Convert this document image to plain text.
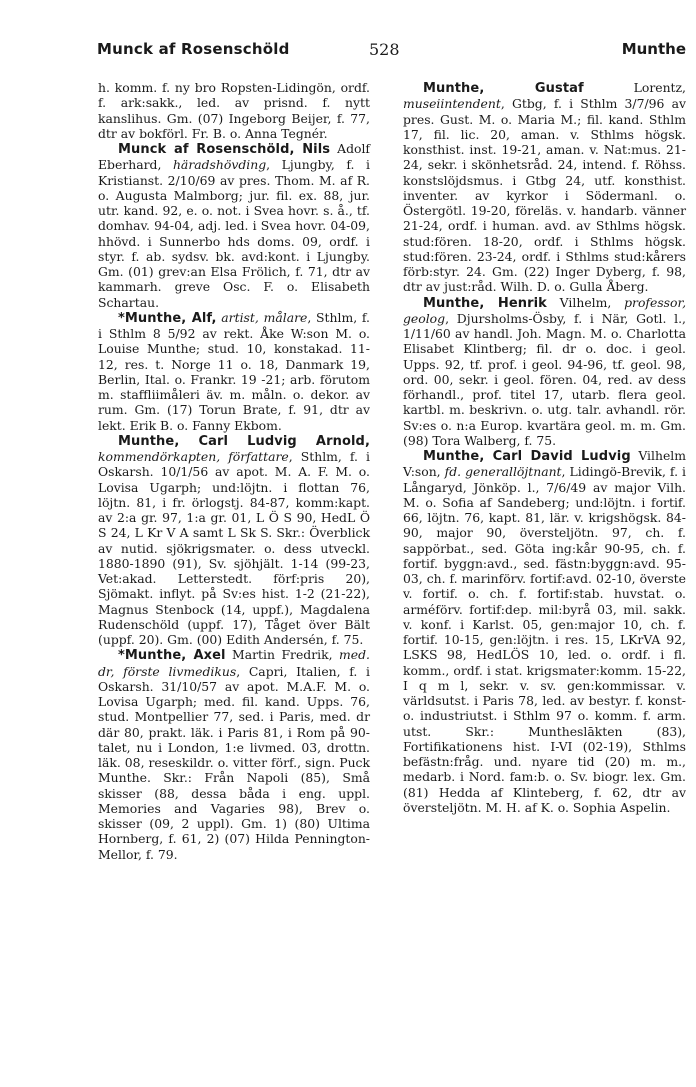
Munck af Rosenschöld	528	Munthe

h. komm. f. ny bro Ropsten-Lidingön, ordf. f. ark:sakk., led. av prisnd. f. nytt kanslihus. Gm. (07) Ingeborg Beijer, f. 77, dtr av bokförl. Fr. B. o. Anna Tegnér.

Munck af Rosenschöld, Nils Adolf Eberhard, häradshövding, Ljungby, f. i Kristianst. 2/10/69 av pres. Thom. M. af R. o. Augusta Malmborg; jur. fil. ex. 88, jur. utr. kand. 92, e. o. not. i Svea hovr. s. å., tf. domhav. 94-04, adj. led. i Svea hovr. 04-09, hhövd. i Sunnerbo hds doms. 09, ordf. i styr. f. ab. sydsv. bk. avd:kont. i Ljungby. Gm. (01) grev:an Elsa Frölich, f. 71, dtr av kammarh. greve Osc. F. o. Elisabeth Schartau.

*Munthe, Alf, artist, målare, Sthlm, f. i Sthlm 8 5/92 av rekt. Åke W:son M. o. Louise Munthe; stud. 10, konstakad. 11-12, res. t. Norge 11 o. 18, Danmark 19, Berlin, Ital. o. Frankr. 19 -21; arb. förutom m. staffliimåleri äv. m. måln. o. dekor. av rum. Gm. (17) Torun Brate, f. 91, dtr av lekt. Erik B. o. Fanny Ekbom.

Munthe, Carl Ludvig Arnold, kommendörkapten, författare, Sthlm, f. i Oskarsh. 10/1/56 av apot. M. A. F. M. o. Lovisa Ugarph; und:löjtn. i flottan 76, löjtn. 81, i fr. örlogstj. 84-87, komm:kapt. av 2:a gr. 97, 1:a gr. 01, L Ö S 90, HedL Ö S 24, L Kr V A samt L Sk S. Skr.: Överblick av nutid. sjökrigsmater. o. dess utveckl. 1880-1890 (91), Sv. sjöhjält. 1-14 (99-23, Vet:akad. Letterstedt. förf:pris 20), Sjömakt. inflyt. på Sv:es hist. 1-2 (21-22), Magnus Stenbock (14, uppf.), Magdalena Rudenschöld (uppf. 17), Tåget över Bält (uppf. 20). Gm. (00) Edith Andersén, f. 75.

*Munthe, Axel Martin Fredrik, med. dr, förste livmedikus, Capri, Italien, f. i Oskarsh. 31/10/57 av apot. M.A.F. M. o. Lovisa Ugarph; med. fil. kand. Upps. 76, stud. Montpellier 77, sed. i Paris, med. dr där 80, prakt. läk. i Paris 81, i Rom på 90-talet, nu i London, 1:e livmed. 03, drottn. läk. 08, reseskildr. o. vitter förf., sign. Puck Munthe. Skr.: Från Napoli (85), Små skisser (88, dessa båda i eng. uppl. Memories and Vagaries 98), Brev o. skisser (09, 2 uppl). Gm. 1) (80) Ultima Hornberg, f. 61, 2) (07) Hilda Pennington-Mellor, f. 79.

Munthe, Gustaf Lorentz, museiintendent, Gtbg, f. i Sthlm 3/7/96 av pres. Gust. M. o. Maria M.; fil. kand. Sthlm 17, fil. lic. 20, aman. v. Sthlms högsk. konsthist. inst. 19-21, aman. v. Nat:mus. 21-24, sekr. i skönhetsråd. 24, intend. f. Röhss. konstslöjdsmus. i Gtbg 24, utf. konsthist. inventer. av kyrkor i Södermanl. o. Östergötl. 19-20, föreläs. v. handarb. vänner 21-24, ordf. i human. avd. av Sthlms högsk. stud:fören. 18-20, ordf. i Sthlms högsk. stud:fören. 23-24, ordf. i Sthlms stud:kårers förb:styr. 24. Gm. (22) Inger Dyberg, f. 98, dtr av just:råd. Wilh. D. o. Gulla Åberg.

Munthe, Henrik Vilhelm, professor, geolog, Djursholms-Ösby, f. i När, Gotl. l., 1/11/60 av handl. Joh. Magn. M. o. Charlotta Elisabet Klintberg; fil. dr o. doc. i geol. Upps. 92, tf. prof. i geol. 94-96, tf. geol. 98, ord. 00, sekr. i geol. fören. 04, red. av dess förhandl., prof. titel 17, utarb. flera geol. kartbl. m. beskrivn. o. utg. talr. avhandl. rör. Sv:es o. n:a Europ. kvartära geol. m. m. Gm. (98) Tora Walberg, f. 75.

Munthe, Carl David Ludvig Vilhelm V:son, fd. generallöjtnant, Lidingö-Brevik, f. i Långaryd, Jönköp. l., 7/6/49 av major Vilh. M. o. Sofia af Sandeberg; und:löjtn. i fortif. 66, löjtn. 76, kapt. 81, lär. v. krigshögsk. 84-90, major 90, översteljötn. 97, ch. f. sappörbat., sed. Göta ing:kår 90-95, ch. f. fortif. byggn:avd., sed. fästn:byggn:avd. 95-03, ch. f. marinförv. fortif:avd. 02-10, överste v. fortif. o. ch. f. fortif:stab. huvstat. o. arméförv. fortif:dep. mil:byrå 03, mil. sakk. v. konf. i Karlst. 05, gen:major 10, ch. f. fortif. 10-15, gen:löjtn. i res. 15, LKrVA 92, LSKS 98, HedLÖS 10, led. o. ordf. i fl. komm., ordf. i stat. krigsmater:komm. 15-22, I q m l, sekr. v. sv. gen:kommissar. v. världsutst. i Paris 78, led. av bestyr. f. konst- o. industriutst. i Sthlm 97 o. komm. f. arm. utst. Skr.: Muntheslākten (83), Fortifikationens hist. I-VI (02-19), Sthlms befästn:fråg. und. nyare tid (20) m. m., medarb. i Nord. fam:b. o. Sv. biogr. lex. Gm. (81) Hedda af Klinteberg, f. 62, dtr av översteljötn. M. H. af K. o. Sophia Aspelin.
